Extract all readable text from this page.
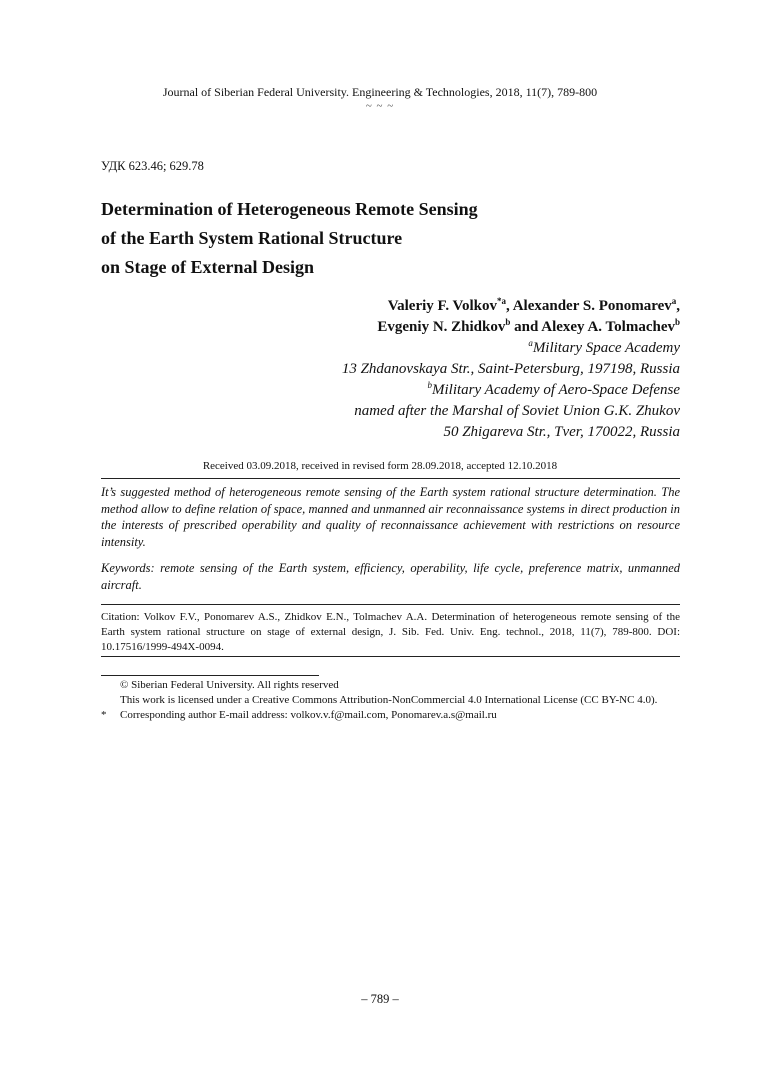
Journal of Siberian Federal University. Engineering & Technologies, 2018, 11(7), 789-800
~ ~ ~
УДК 623.46; 629.78
Determination of Heterogeneous Remote Sensing
of the Earth System Rational Structure
on Stage of External Design
Valeriy F. Volkov$^{*a}$, Alexander S. Ponomarev$^a$,
Evgeniy N. Zhidkov$^b$ and Alexey A. Tolmachev$^b$
$^a$Military Space Academy
13 Zhdanovskaya Str., Saint-Petersburg, 197198, Russia
$^b$Military Academy of Aero-Space Defense
named after the Marshal of Soviet Union G.K. Zhukov
50 Zhigareva Str., Tver, 170022, Russia
Received 03.09.2018, received in revised form 28.09.2018, accepted 12.10.2018
It’s suggested method of heterogeneous remote sensing of the Earth system rational structure determination. The method allow to define relation of space, manned and unmanned air reconnaissance systems in direct production in the interests of prescribed operability and quality of reconnaissance achievement with restrictions on resource intensity.
Keywords: remote sensing of the Earth system, efficiency, operability, life cycle, preference matrix, unmanned aircraft.
Citation: Volkov F.V., Ponomarev A.S., Zhidkov E.N., Tolmachev A.A. Determination of heterogeneous remote sensing of the Earth system rational structure on stage of external design, J. Sib. Fed. Univ. Eng. technol., 2018, 11(7), 789-800. DOI: 10.17516/1999-494X-0094.
© Siberian Federal University. All rights reserved
This work is licensed under a Creative Commons Attribution-NonCommercial 4.0 International License (CC BY-NC 4.0).
*	Corresponding author E-mail address: volkov.v.f@mail.com, Ponomarev.a.s@mail.ru
– 789 –
